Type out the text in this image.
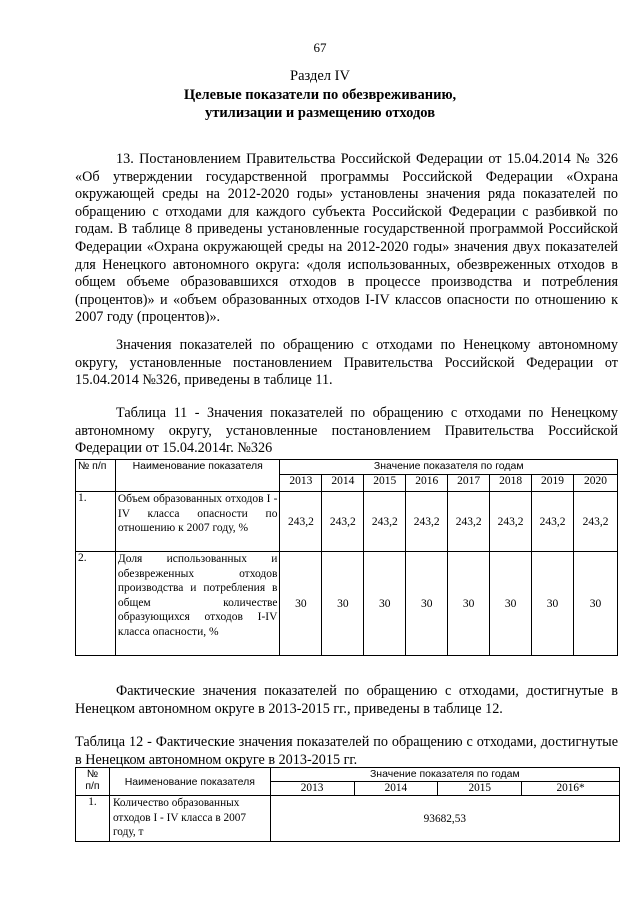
67
Раздел IV
Целевые показатели по обезвреживанию,
утилизации и размещению отходов

13. Постановлением Правительства Российской Федерации от 15.04.2014 № 326 «Об утверждении государственной программы Российской Федерации «Охрана окружающей среды на 2012-2020 годы» установлены значения ряда показателей по обращению с отходами для каждого субъекта Российской Федерации с разбивкой по годам. В таблице 8 приведены установленные государственной программой Российской Федерации «Охрана окружающей среды на 2012-2020 годы» значения двух показателей для Ненецкого автономного округа: «доля использованных, обезвреженных отходов в общем объеме образовавшихся отходов в процессе производства и потребления (процентов)» и «объем образованных отходов I-IV классов опасности по отношению к 2007 году (процентов)».

Значения показателей по обращению с отходами по Ненецкому автономному округу, установленные постановлением Правительства Российской Федерации от 15.04.2014 №326, приведены в таблице 11.

Таблица 11 - Значения показателей по обращению с отходами по Ненецкому автономному округу, установленные постановлением Правительства Российской Федерации от 15.04.2014г. №326

№ п/п	Наименование показателя	Значение показателя по годам							
		2013	2014	2015	2016	2017	2018	2019	2020
1.	Объем образованных отходов I - IV класса опасности по отношению к 2007 году, %	243,2	243,2	243,2	243,2	243,2	243,2	243,2	243,2
2.	Доля использованных и обезвреженных отходов производства и потребления в общем количестве образующихся отходов I-IV класса опасности, %	30	30	30	30	30	30	30	30

Фактические значения показателей по обращению с отходами, достигнутые в Ненецком автономном округе в 2013-2015 гг., приведены в таблице 12.

Таблица 12 - Фактические значения показателей по обращению с отходами, достигнутые в Ненецком автономном округе в 2013-2015 гг.

№
п/п	Наименование показателя	Значение показателя по годам			
		2013	2014	2015	2016*
1.	Количество образованных отходов I - IV класса в 2007 году, т	93682,53			
